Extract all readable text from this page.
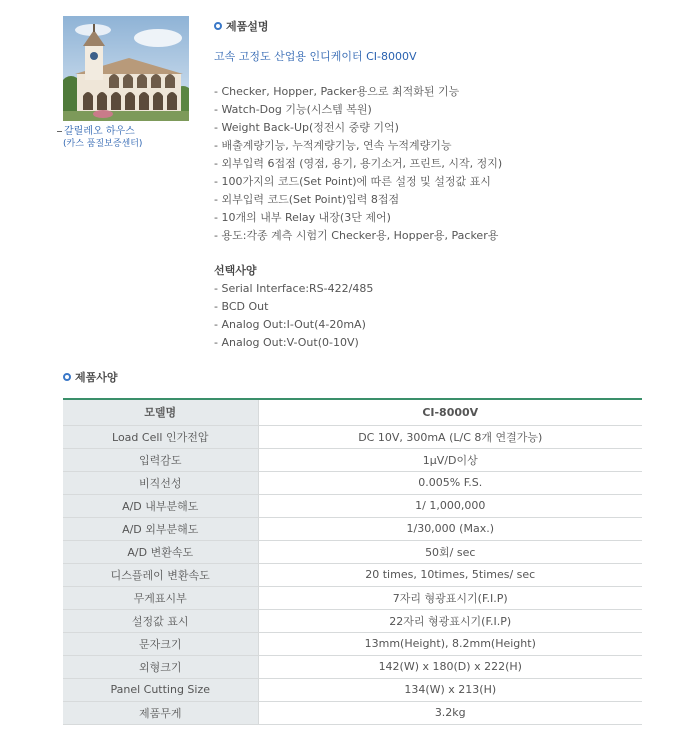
갈릴레오 하우스
(카스 품질보증센터)
제품설명
고속 고정도 산업용 인디케이터 CI-8000V
- Checker, Hopper, Packer용으로 최적화된 기능
- Watch-Dog 기능(시스템 복원)
- Weight Back-Up(정전시 중량 기억)
- 배출계량기능, 누적계량기능, 연속 누적계량기능
- 외부입력 6접점 (영점, 용기, 용기소거, 프린트, 시작, 정지)
- 100가지의 코드(Set Point)에 따른 설정 및 설정값 표시
- 외부입력 코드(Set Point)입력 8접점
- 10개의 내부 Relay 내장(3단 제어)
- 용도:각종 계측 시험기 Checker용, Hopper용, Packer용
선택사양
- Serial Interface:RS-422/485
- BCD Out
- Analog Out:I-Out(4-20mA)
- Analog Out:V-Out(0-10V)
제품사양
모델명	CI-8000V
Load Cell 인가전압	DC 10V, 300mA (L/C 8개 연결가능)
입력감도	1μV/D이상
비직선성	0.005% F.S.
A/D 내부분해도	1/ 1,000,000
A/D 외부분해도	1/30,000 (Max.)
A/D 변환속도	50회/ sec
디스플레이 변환속도	20 times, 10times, 5times/ sec
무게표시부	7자리 형광표시기(F.I.P)
설정값 표시	22자리 형광표시기(F.I.P)
문자크기	13mm(Height), 8.2mm(Height)
외형크기	142(W) x 180(D) x 222(H)
Panel Cutting Size	134(W) x 213(H)
제품무게	3.2kg
